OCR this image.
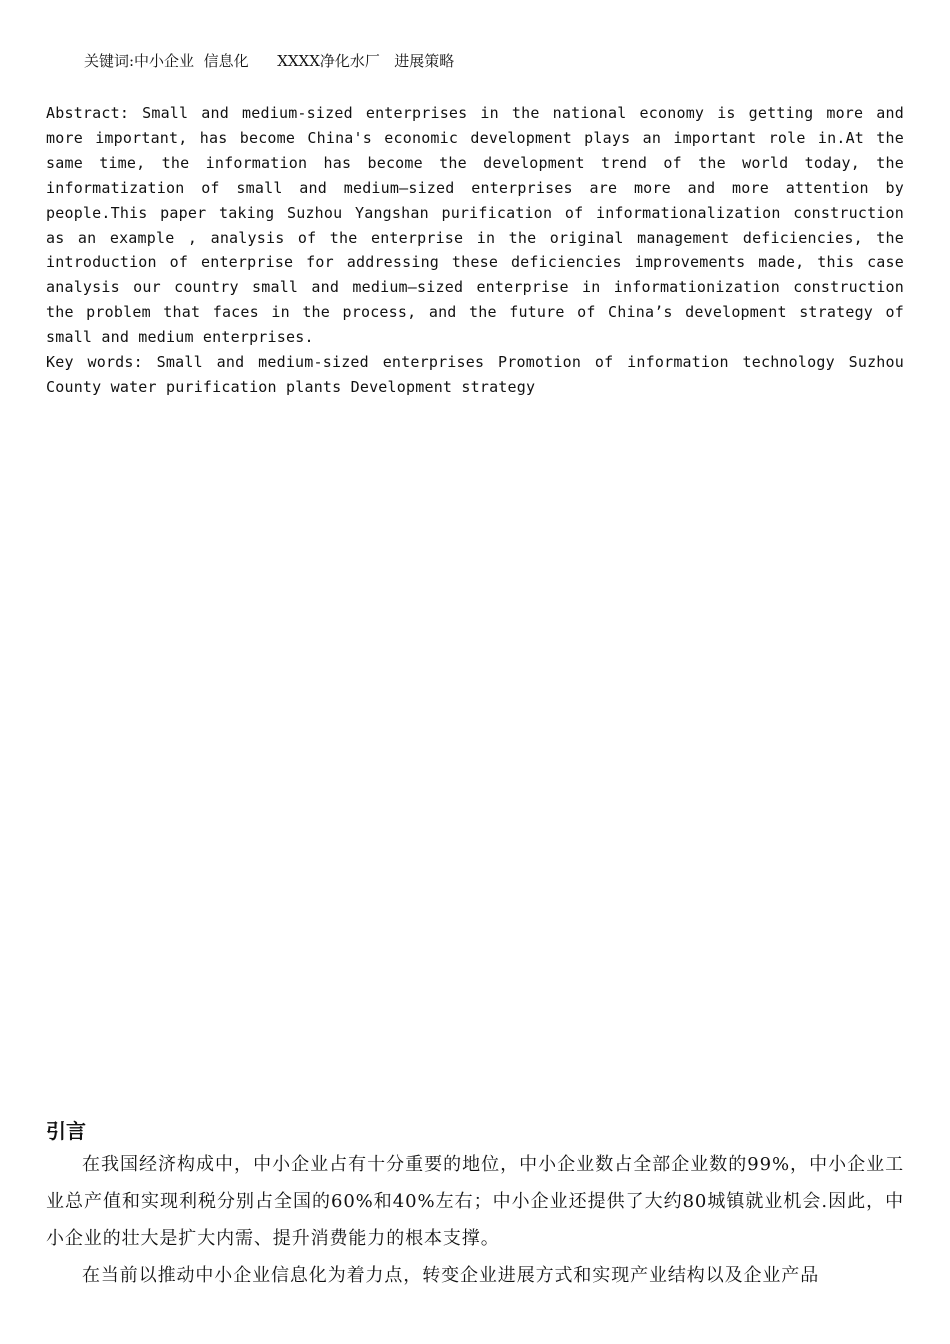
关键词:中小企业  信息化      XXXX净化水厂   进展策略

Abstract: Small and medium-sized enterprises in the national economy is getting more and more important, has become China's economic development plays an important role in.At the same time, the information has become the development trend of the world today, the informatization of small and medium—sized enterprises are more and more attention by people.This paper taking Suzhou Yangshan purification of informationalization construction as an example , analysis of the enterprise in the original management deficiencies, the introduction of enterprise for addressing these deficiencies improvements made, this case analysis our country small and medium—sized enterprise in informationization construction the problem that faces in the process, and the future of China’s development strategy of small and medium enterprises.

Key words: Small and medium-sized enterprises Promotion of information technology Suzhou County water purification plants Development strategy

引言

在我国经济构成中，中小企业占有十分重要的地位，中小企业数占全部企业数的99%，中小企业工业总产值和实现利税分别占全国的60%和40%左右；中小企业还提供了大约80城镇就业机会.因此，中小企业的壮大是扩大内需、提升消费能力的根本支撑。

在当前以推动中小企业信息化为着力点，转变企业进展方式和实现产业结构以及企业产品
